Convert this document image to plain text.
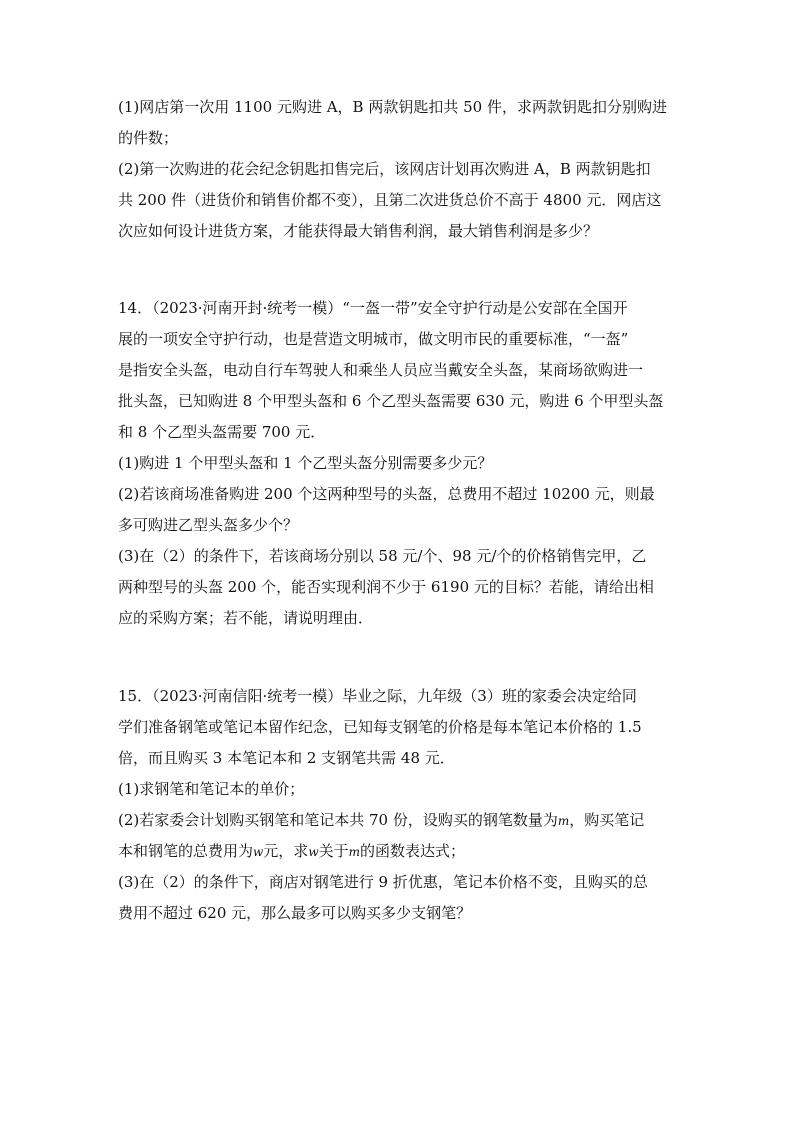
(1)网店第一次用 1100 元购进 A，B 两款钥匙扣共 50 件，求两款钥匙扣分别购进
的件数；
(2)第一次购进的花会纪念钥匙扣售完后，该网店计划再次购进 A，B 两款钥匙扣
共 200 件（进货价和销售价都不变），且第二次进货总价不高于 4800 元．网店这
次应如何设计进货方案，才能获得最大销售利润，最大销售利润是多少？
14．（2023·河南开封·统考一模）“一盔一带”安全守护行动是公安部在全国开
展的一项安全守护行动，也是营造文明城市，做文明市民的重要标准，“一盔”
是指安全头盔，电动自行车驾驶人和乘坐人员应当戴安全头盔，某商场欲购进一
批头盔，已知购进 8 个甲型头盔和 6 个乙型头盔需要 630 元，购进 6 个甲型头盔
和 8 个乙型头盔需要 700 元．
(1)购进 1 个甲型头盔和 1 个乙型头盔分别需要多少元？
(2)若该商场准备购进 200 个这两种型号的头盔，总费用不超过 10200 元，则最
多可购进乙型头盔多少个？
(3)在（2）的条件下，若该商场分别以 58 元/个、98 元/个的价格销售完甲，乙
两种型号的头盔 200 个，能否实现利润不少于 6190 元的目标？若能，请给出相
应的采购方案；若不能，请说明理由．
15．（2023·河南信阳·统考一模）毕业之际，九年级（3）班的家委会决定给同
学们准备钢笔或笔记本留作纪念，已知每支钢笔的价格是每本笔记本价格的 1.5
倍，而且购买 3 本笔记本和 2 支钢笔共需 48 元．
(1)求钢笔和笔记本的单价；
(2)若家委会计划购买钢笔和笔记本共 70 份，设购买的钢笔数量为m，购买笔记
本和钢笔的总费用为w元，求w关于m的函数表达式；
(3)在（2）的条件下，商店对钢笔进行 9 折优惠，笔记本价格不变，且购买的总
费用不超过 620 元，那么最多可以购买多少支钢笔？
